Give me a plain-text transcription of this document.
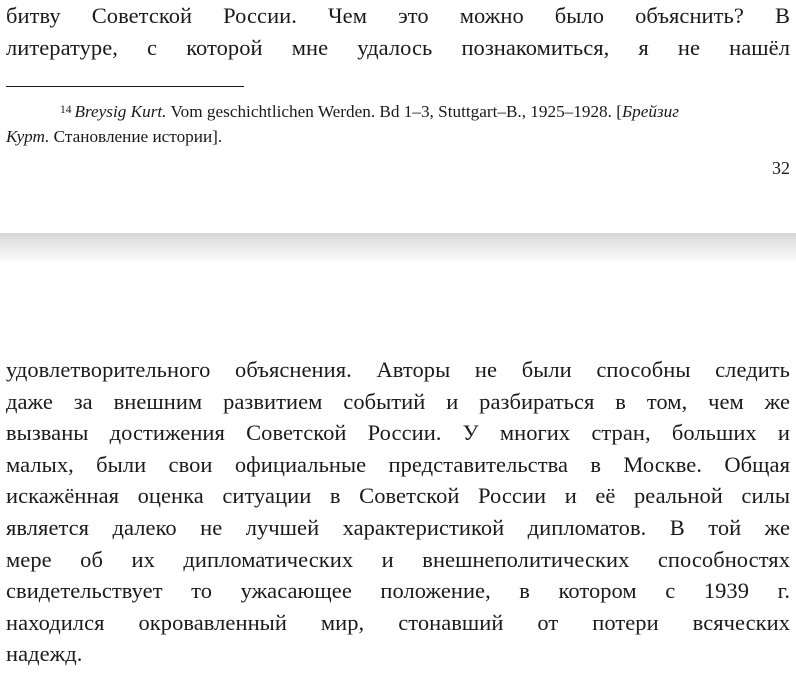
битву Советской России. Чем это можно было объяснить? В
литературе, с которой мне удалось познакомиться, я не нашёл
$^{14}$ Breysig Kurt. Vom geschichtlichen Werden. Bd 1–3, Stuttgart–B., 1925–1928. [Брейзиг
Курт. Становление истории].
32
удовлетворительного объяснения. Авторы не были способны следить
даже за внешним развитием событий и разбираться в том, чем же
вызваны достижения Советской России. У многих стран, больших и
малых, были свои официальные представительства в Москве. Общая
искажённая оценка ситуации в Советской России и её реальной силы
является далеко не лучшей характеристикой дипломатов. В той же
мере об их дипломатических и внешнеполитических способностях
свидетельствует то ужасающее положение, в котором с 1939 г.
находился окровавленный мир, стонавший от потери всяческих
надежд.
